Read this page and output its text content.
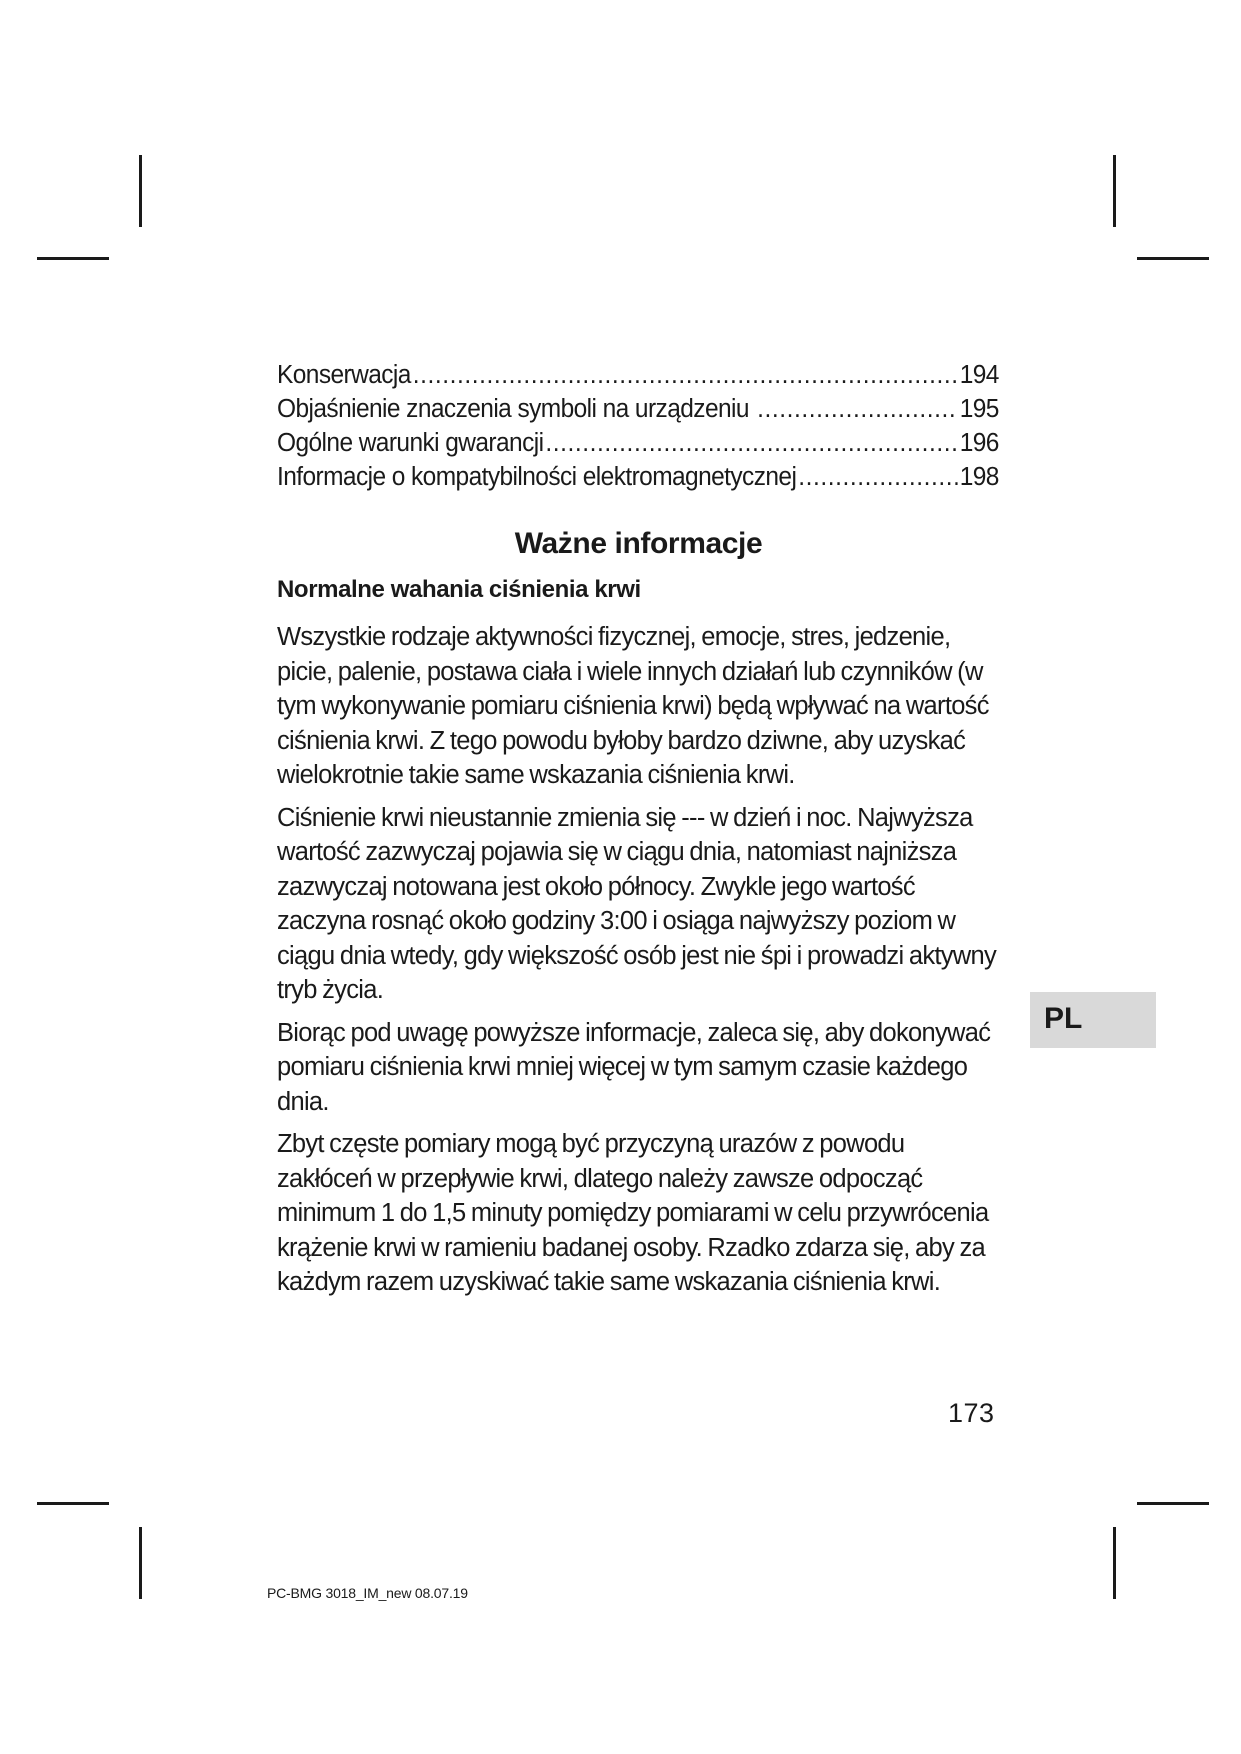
Konserwacja .....	194
Objaśnienie znaczenia symboli na urządzeniu .....	195
Ogólne warunki gwarancji .....	196
Informacje o kompatybilności elektromagnetycznej .....	198
Ważne informacje
Normalne wahania ciśnienia krwi

Wszystkie rodzaje aktywności fizycznej, emocje, stres, jedzenie, picie, palenie, postawa ciała i wiele innych działań lub czynników (w tym wykonywanie pomiaru ciśnienia krwi) będą wpływać na wartość ciśnienia krwi. Z tego powodu byłoby bardzo dziwne, aby uzyskać wielokrotnie takie same wskazania ciśnienia krwi.

Ciśnienie krwi nieustannie zmienia się --- w dzień i noc. Najwyższa wartość zazwyczaj pojawia się w ciągu dnia, natomiast najniższa zazwyczaj notowana jest około północy. Zwykle jego wartość zaczyna rosnąć około godziny 3:00 i osiąga najwyższy poziom w ciągu dnia wtedy, gdy większość osób jest nie śpi i prowadzi aktywny tryb życia.

Biorąc pod uwagę powyższe informacje, zaleca się, aby dokonywać pomiaru ciśnienia krwi mniej więcej w tym samym czasie każdego dnia.

Zbyt częste pomiary mogą być przyczyną urazów z powodu zakłóceń w przepływie krwi, dlatego należy zawsze odpocząć minimum 1 do 1,5 minuty pomiędzy pomiarami w celu przywrócenia krążenie krwi w ramieniu badanej osoby. Rzadko zdarza się, aby za każdym razem uzyskiwać takie same wskazania ciśnienia krwi.

173
PL
PC-BMG 3018_IM_new 08.07.19
